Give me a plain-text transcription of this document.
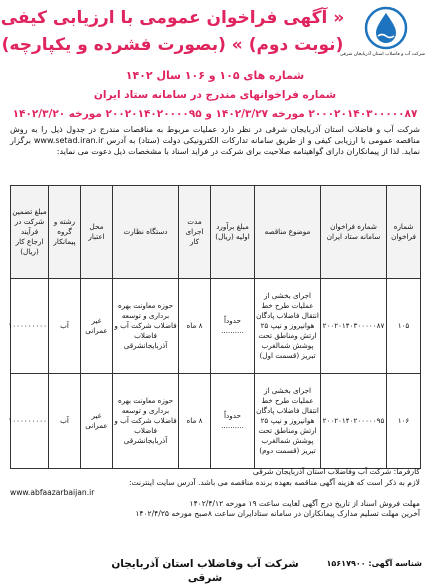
شرکت آب و فاضلاب استان آذربایجان شرقی
« آگهی فراخوان عمومی با ارزیابی کیفی
(نوبت دوم) » (بصورت فشرده و یکپارچه)
شماره های ۱۰۵ و ۱۰۶ سال ۱۴۰۲
شماره فراخوانهای مندرج در سامانه ستاد ایران
۲۰۰۰۲۰۱۴۰۳۰۰۰۰۰۸۷ مورخه ۱۴۰۲/۳/۲۷ و ۲۰۰۲۰۱۴۰۲۰۰۰۰۹۵ مورخه ۱۴۰۲/۳/۲۰

شرکت آب و فاضلاب استان آذربایجان شرقی در نظر دارد عملیات مربوط به مناقصات مندرج در جدول ذیل را به روش مناقصه عمومی با ارزیابی کیفی و از طریق سامانه تدارکات الکترونیکی دولت (ستاد) به آدرس www.setad.iran.ir برگزار نماید. لذا از پیمانکاران دارای گواهینامه صلاحیت برای شرکت در فراید اسناد با مشخصات ذیل دعوت می نماید:

شماره فراخوان	شماره فراخوان سامانه ستاد ایران	موضوع مناقصه	مبلغ برآورد اولیه (ریال)	مدت اجرای کار	دستگاه نظارت	محل اعتبار	رشته و گروه پیمانکار	مبلغ تضمین شرکت در فرآیند ارجاع کار (ریال)
۱۰۵	۲۰۰۲۰۱۴۰۳۰۰۰۰۰۸۷	اجرای بخشی از عملیات طرح خط انتقال فاضلاب پادگان هوانیروز و نیپ ۲۵ ارتش ومناطق تحت پوشش شمالغرب تبریز (قسمت اول)	حدوداً ..........	۸ ماه	حوزه معاونت بهره برداری و توسعه فاضلاب شرکت آب و فاضلاب آذربایجانشرقی	غیر عمرانی	آب	۱۰۰۰۰۰۰۰۰۰
۱۰۶	۲۰۰۲۰۱۴۰۲۰۰۰۰۰۹۵	اجرای بخشی از عملیات طرح خط انتقال فاضلاب پادگان هوانیروز و نیپ ۲۵ ارتش ومناطق تحت پوشش شمالغرب تبریز (قسمت دوم)	حدوداً ..........	۸ ماه	حوزه معاونت بهره برداری و توسعه فاضلاب شرکت آب و فاضلاب آذربایجانشرقی	غیر عمرانی	آب	۱۰۰۰۰۰۰۰۰۰

کارفرما: شرکت آب وفاضلاب استان آذربایجان شرقی

لازم به ذکر است که هزینه آگهی مناقصه بعهده برنده مناقصه می باشد. آدرس سایت اینترنت:

www.abfaazarbaijan.ir

مهلت فروش اسناد از تاریخ درج آگهی لغایت ساعت ۱۹ مورخه ۱۴۰۲/۴/۱۲

آخرین مهلت تسلیم مدارک پیمانکاران در سامانه ستادایران ساعت ۸صبح مورخه ۱۴۰۲/۴/۲۵

شرکت آب وفاضلاب استان آذربایجان شرقی
شناسه آگهی: ۱۵۶۱۷۹۰۰
